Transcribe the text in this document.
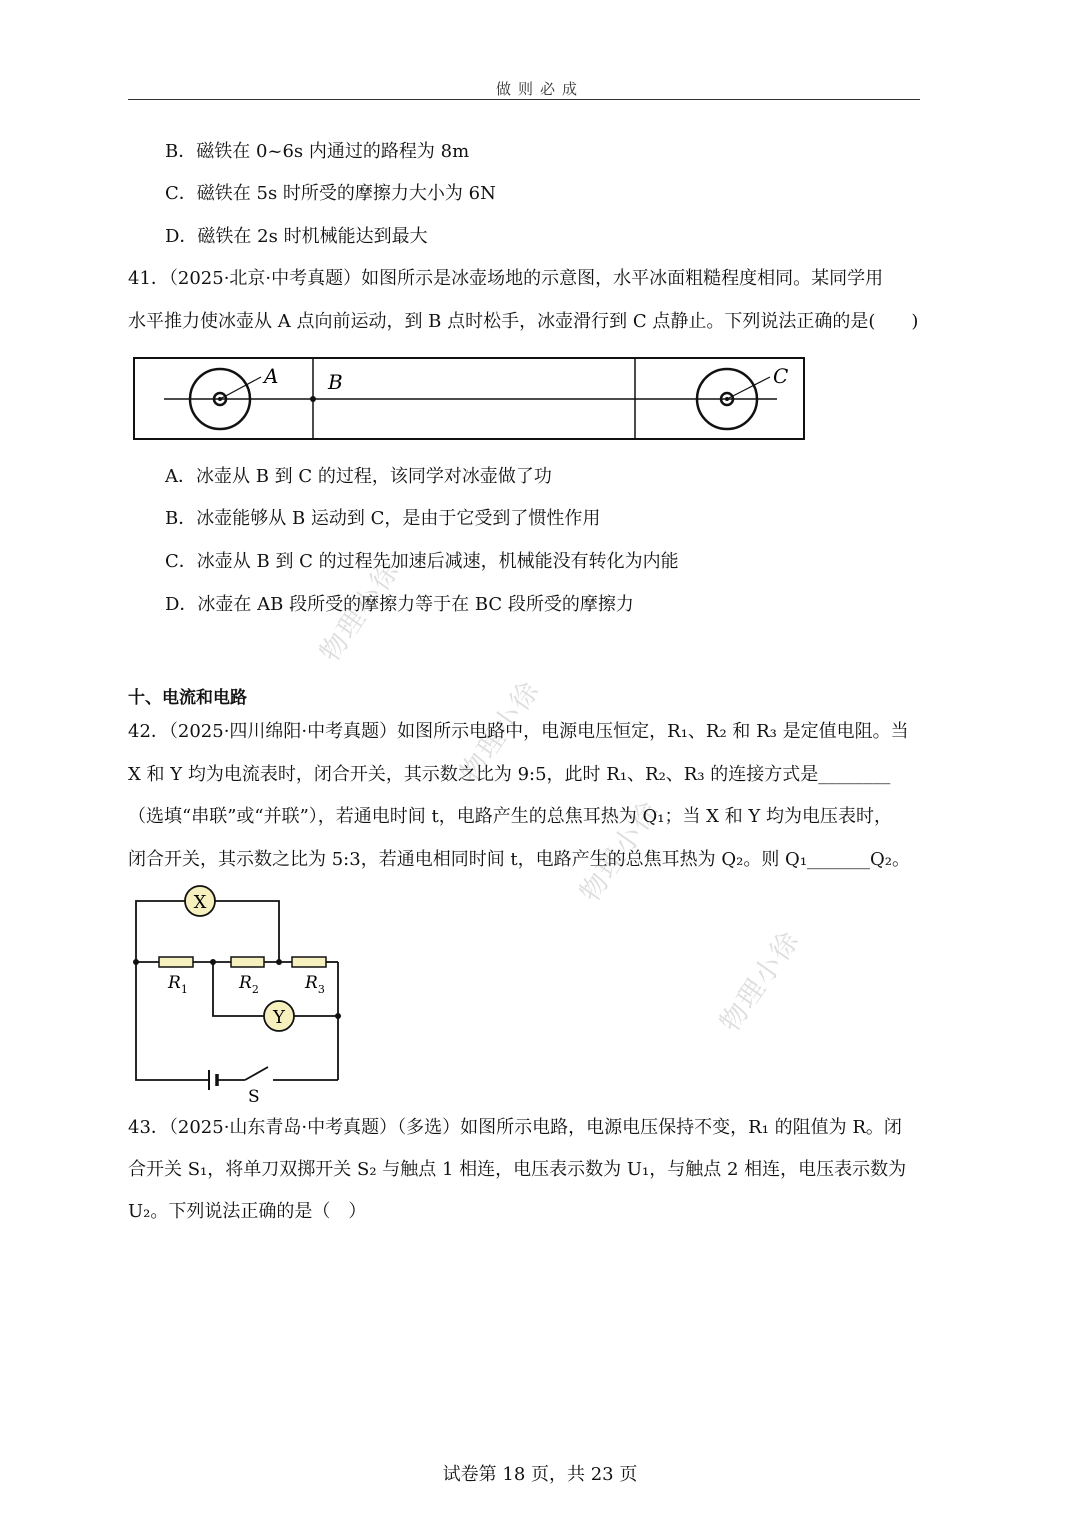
做则必成
物理小徐
物理小徐
物理小徐
物理小徐
B．磁铁在 0~6s 内通过的路程为 8m
C．磁铁在 5s 时所受的摩擦力大小为 6N
D．磁铁在 2s 时机械能达到最大
41．（2025·北京·中考真题）如图所示是冰壶场地的示意图，水平冰面粗糙程度相同。某同学用
水平推力使冰壶从 A 点向前运动，到 B 点时松手，冰壶滑行到 C 点静止。下列说法正确的是(　　)
A B	C
A．冰壶从 B 到 C 的过程，该同学对冰壶做了功
B．冰壶能够从 B 运动到 C，是由于它受到了惯性作用
C．冰壶从 B 到 C 的过程先加速后减速，机械能没有转化为内能
D．冰壶在 AB 段所受的摩擦力等于在 BC 段所受的摩擦力
十、电流和电路
42．（2025·四川绵阳·中考真题）如图所示电路中，电源电压恒定，R₁、R₂ 和 R₃ 是定值电阻。当
X 和 Y 均为电流表时，闭合开关，其示数之比为 9:5，此时 R₁、R₂、R₃ 的连接方式是________
（选填“串联”或“并联”），若通电时间 t，电路产生的总焦耳热为 Q₁；当 X 和 Y 均为电压表时，
闭合开关，其示数之比为 5:3，若通电相同时间 t，电路产生的总焦耳热为 Q₂。则 Q₁_______Q₂。
X
Y
$R_1$	$R_2$	$R_3$
S
43．（2025·山东青岛·中考真题）（多选）如图所示电路，电源电压保持不变，R₁ 的阻值为 R。闭
合开关 S₁，将单刀双掷开关 S₂ 与触点 1 相连，电压表示数为 U₁，与触点 2 相连，电压表示数为
U₂。下列说法正确的是（　）
试卷第 18 页，共 23 页
